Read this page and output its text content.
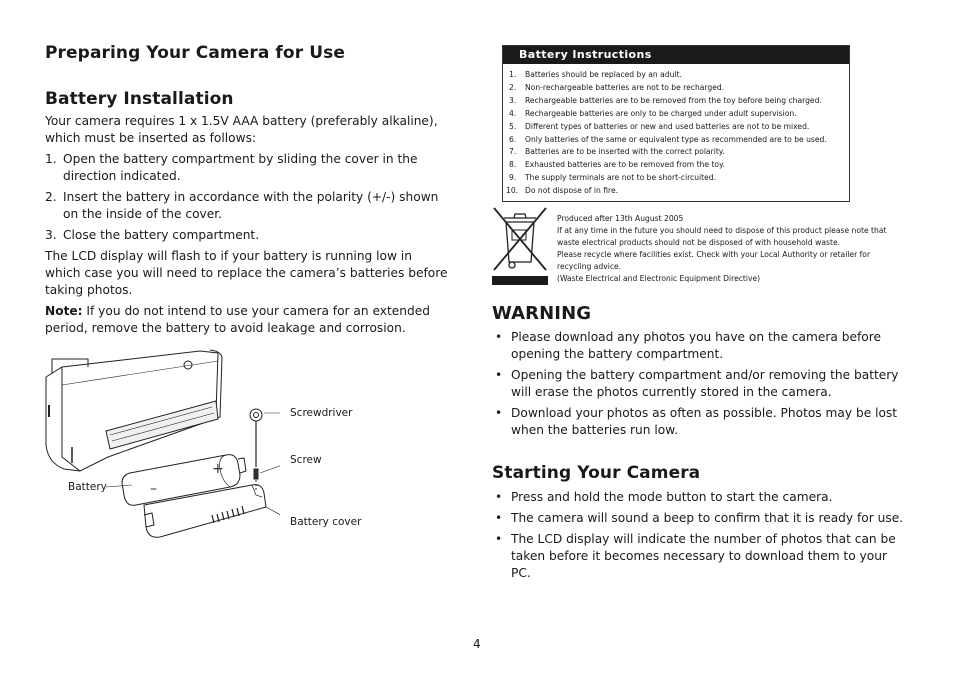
Preparing Your Camera for Use
Battery Installation

Your camera requires 1 x 1.5V AAA battery (preferably alkaline), which must be inserted as follows:

1. Open the battery compartment by sliding the cover in the direction indicated.
2. Insert the battery in accordance with the polarity (+/-) shown on the inside of the cover.
3. Close the battery compartment.

The LCD display will flash to if your battery is running low in which case you will need to replace the camera’s batteries before taking photos.

Note: If you do not intend to use your camera for an extended period, remove the battery to avoid leakage and corrosion.

–
+
Screwdriver
Screw
Battery
Battery cover
Battery Instructions
1. Batteries should be replaced by an adult.
2. Non-rechargeable batteries are not to be recharged.
3. Rechargeable batteries are to be removed from the toy before being charged.
4. Rechargeable batteries are only to be charged under adult supervision.
5. Different types of batteries or new and used batteries are not to be mixed.
6. Only batteries of the same or equivalent type as recommended are to be used.
7. Batteries are to be inserted with the correct polarity.
8. Exhausted batteries are to be removed from the toy.
9. The supply terminals are not to be short-circuited.
10. Do not dispose of in fire.
Produced after 13th August 2005
If at any time in the future you should need to dispose of this product please note that waste electrical products should not be disposed of with household waste.
Please recycle where facilities exist. Check with your Local Authority or retailer for recycling advice.
(Waste Electrical and Electronic Equipment Directive)
WARNING
• Please download any photos you have on the camera before opening the battery compartment.
• Opening the battery compartment and/or removing the battery will erase the photos currently stored in the camera.
• Download your photos as often as possible. Photos may be lost when the batteries run low.
Starting Your Camera
• Press and hold the mode button to start the camera.
• The camera will sound a beep to confirm that it is ready for use.
• The LCD display will indicate the number of photos that can be taken before it becomes necessary to download them to your PC.
4
